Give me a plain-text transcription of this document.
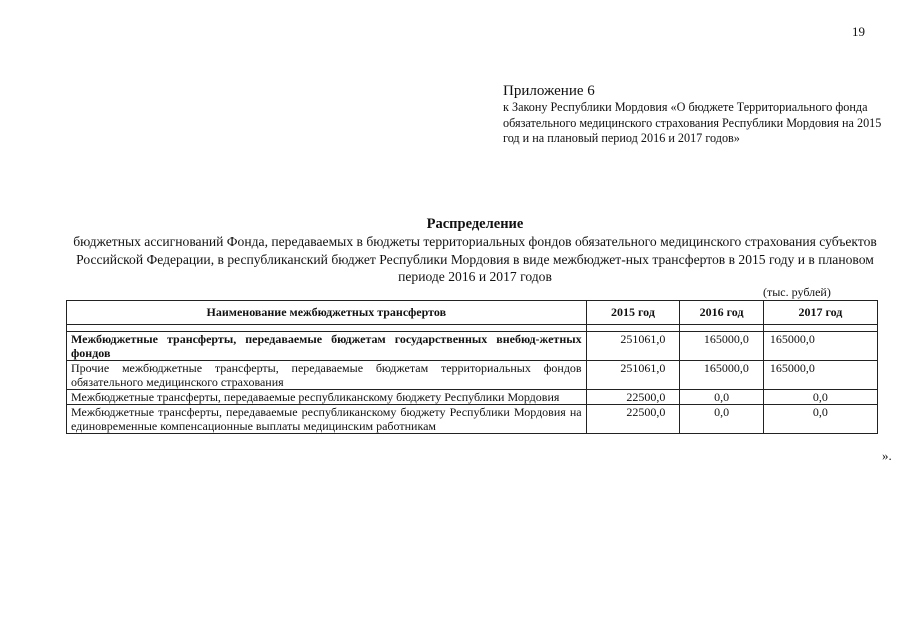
19
Приложение 6
к Закону Республики Мордовия «О бюджете Территориального фонда обязательного медицинского страхования Республики Мордовия на 2015 год и на плановый период 2016 и 2017 годов»
Распределение
бюджетных ассигнований Фонда, передаваемых в бюджеты территориальных фондов обязательного медицинского страхования субъектов Российской Федерации, в республиканский бюджет Республики Мордовия в виде межбюджет-ных трансфертов в 2015 году и в плановом периоде 2016 и 2017 годов
(тыс. рублей)
Наименование межбюджетных трансфертов	2015 год	2016 год	2017 год

Межбюджетные трансферты, передаваемые бюджетам государственных внебюд-жетных фондов	251061,0	165000,0	165000,0
Прочие межбюджетные трансферты, передаваемые бюджетам территориальных фондов обязательного медицинского страхования	251061,0	165000,0	165000,0
Межбюджетные трансферты, передаваемые республиканскому бюджету Республики Мордовия	22500,0	0,0	0,0
Межбюджетные трансферты, передаваемые республиканскому бюджету Республики Мордовия на единовременные компенсационные выплаты медицинским работникам	22500,0	0,0	0,0
».
